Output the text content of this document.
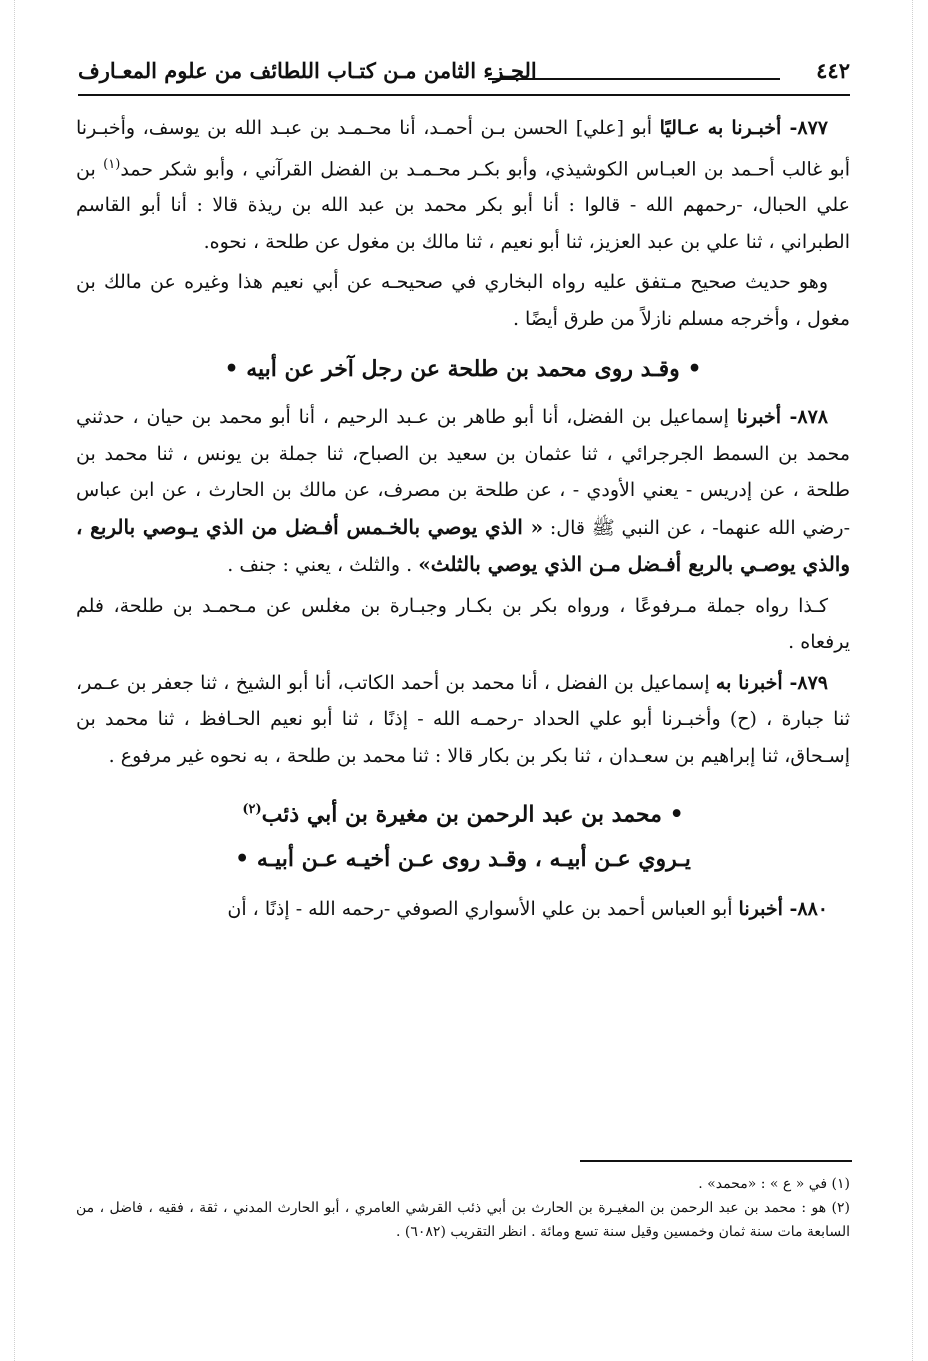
٤٤٢
الجـزء الثامن مـن كتـاب اللطائف من علوم المعـارف

٨٧٧- أخبـرنا به عـاليًا أبو [علي] الحسن بـن أحمـد، أنا محـمـد بن عبـد الله بن يوسف، وأخبـرنا أبو غالب أحـمد بن العبـاس الكوشيذي، وأبو بكـر محـمـد بن الفضل القرآني ، وأبو شكر حمد$^{(١)}$ بن علي الحبال، -رحمهم الله - قالوا : أنا أبو بكر محمد بن عبد الله بن ريذة قالا : أنا أبو القاسم الطبراني ، ثنا علي بن عبد العزيز، ثنا أبو نعيم ، ثنا مالك بن مغول عن طلحة ، نحوه.

وهو حديث صحيح مـتفق عليه رواه البخاري في صحيحـه عن أبي نعيم هذا وغيره عن مالك بن مغول ، وأخرجه مسلم نازلاً من طرق أيضًا .

• وقـد روى محمد بن طلحة عن رجل آخر عن أبيه •

٨٧٨- أخبرنا إسماعيل بن الفضل، أنا أبو طاهر بن عـبد الرحيم ، أنا أبو محمد بن حيان ، حدثني محمد بن السمط الجرجرائي ، ثنا عثمان بن سعيد بن الصباح، ثنا جملة بن يونس ، ثنا محمد بن طلحة ، عن إدريس - يعني الأودي - ، عن طلحة بن مصرف، عن مالك بن الحارث ، عن ابن عباس -رضي الله عنهما- ، عن النبي ﷺ قال: « الذي يوصي بالخـمس أفـضل من الذي يـوصي بالربع ، والذي يوصـي بالربع أفـضل مـن الذي يوصي بالثلث» . والثلث ، يعني : جنف .

كـذا رواه جملة مـرفوعًا ، ورواه بكر بن بكـار وجبـارة بن مغلس عن مـحمـد بن طلحة، فلم يرفعاه .

٨٧٩- أخبرنا به إسماعيل بن الفضل ، أنا محمد بن أحمد الكاتب، أنا أبو الشيخ ، ثنا جعفر بن عـمر، ثنا جبارة ، (ح) وأخبـرنا أبو علي الحداد -رحمـه الله - إذنًا ، ثنا أبو نعيم الحـافظ ، ثنا محمد بن إسـحاق، ثنا إبراهيم بن سعـدان ، ثنا بكر بن بكار قالا : ثنا محمد بن طلحة ، به نحوه غير مرفوع .

• محمد بن عبد الرحمن بن مغيرة بن أبي ذئب$^{(٢)}$
يـروي عـن أبيـه ، وقـد روى عـن أخيـه عـن أبيـه •

٨٨٠- أخبرنا أبو العباس أحمد بن علي الأسواري الصوفي -رحمه الله - إذنًا ، أن

(١) في « ع » : «محمد» .

(٢) هو : محمد بن عبد الرحمن بن المغيـرة بن الحارث بن أبي ذئب القرشي العامري ، أبو الحارث المدني ، ثقة ، فقيه ، فاضل ، من السابعة مات سنة ثمان وخمسين وقيل سنة تسع ومائة . انظر التقريب (٦٠٨٢) .
